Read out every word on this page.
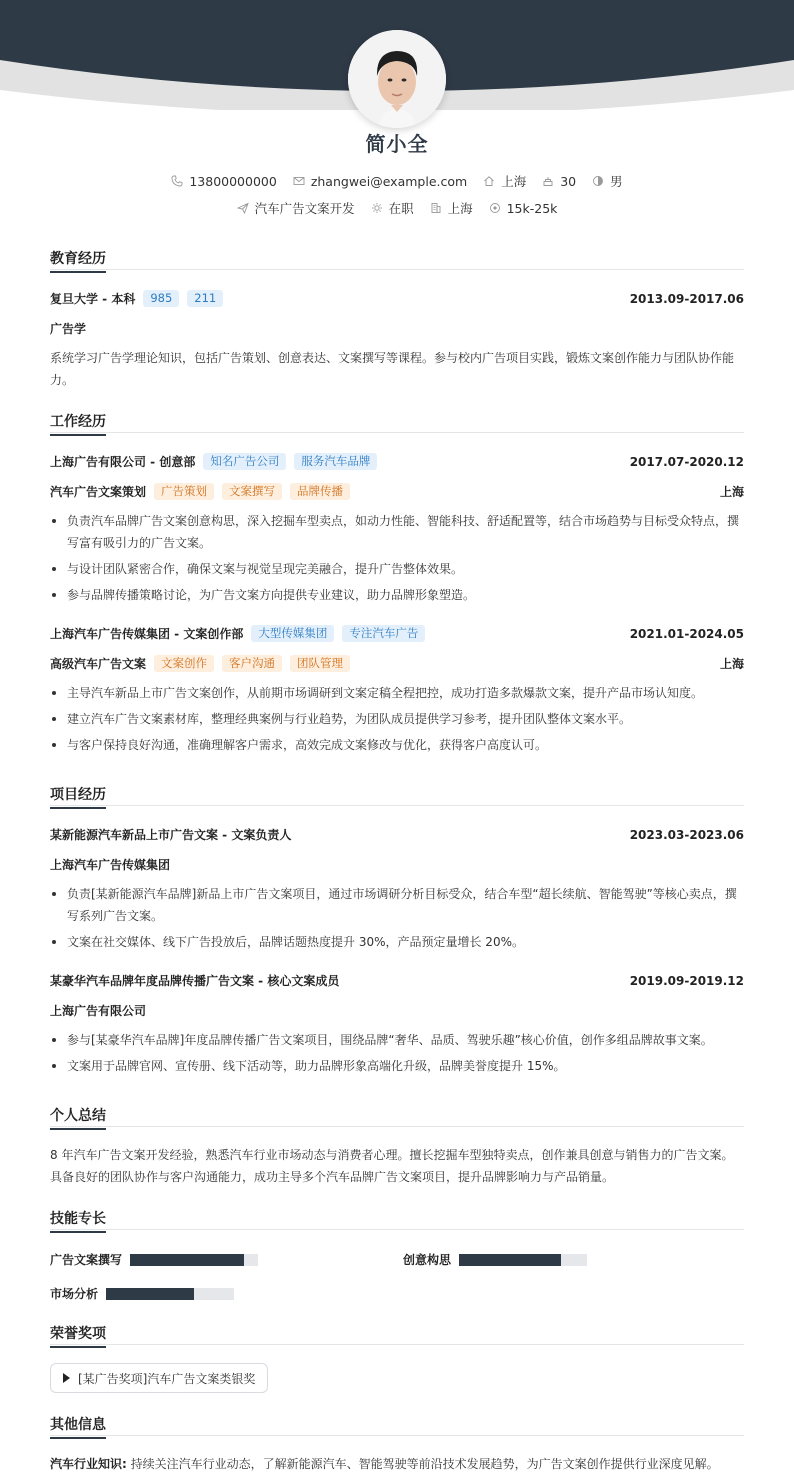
简小全
13800000000	zhangwei@example.com	上海	30	男
汽车广告文案开发	在职	上海	15k-25k
教育经历
复旦大学 - 本科	985	211	2013.09-2017.06
广告学
系统学习广告学理论知识，包括广告策划、创意表达、文案撰写等课程。参与校内广告项目实践，锻炼文案创作能力与团队协作能力。
工作经历
上海广告有限公司 - 创意部	知名广告公司	服务汽车品牌	2017.07-2020.12
汽车广告文案策划	广告策划	文案撰写	品牌传播	上海
负责汽车品牌广告文案创意构思，深入挖掘车型卖点，如动力性能、智能科技、舒适配置等，结合市场趋势与目标受众特点，撰写富有吸引力的广告文案。
与设计团队紧密合作，确保文案与视觉呈现完美融合，提升广告整体效果。
参与品牌传播策略讨论，为广告文案方向提供专业建议，助力品牌形象塑造。
上海汽车广告传媒集团 - 文案创作部	大型传媒集团	专注汽车广告	2021.01-2024.05
高级汽车广告文案	文案创作	客户沟通	团队管理	上海
主导汽车新品上市广告文案创作，从前期市场调研到文案定稿全程把控，成功打造多款爆款文案，提升产品市场认知度。
建立汽车广告文案素材库，整理经典案例与行业趋势，为团队成员提供学习参考，提升团队整体文案水平。
与客户保持良好沟通，准确理解客户需求，高效完成文案修改与优化，获得客户高度认可。
项目经历
某新能源汽车新品上市广告文案 - 文案负责人	2023.03-2023.06
上海汽车广告传媒集团
负责[某新能源汽车品牌]新品上市广告文案项目，通过市场调研分析目标受众，结合车型“超长续航、智能驾驶”等核心卖点，撰写系列广告文案。
文案在社交媒体、线下广告投放后，品牌话题热度提升 30%，产品预定量增长 20%。
某豪华汽车品牌年度品牌传播广告文案 - 核心文案成员	2019.09-2019.12
上海广告有限公司
参与[某豪华汽车品牌]年度品牌传播广告文案项目，围绕品牌“奢华、品质、驾驶乐趣”核心价值，创作多组品牌故事文案。
文案用于品牌官网、宣传册、线下活动等，助力品牌形象高端化升级，品牌美誉度提升 15%。
个人总结
8 年汽车广告文案开发经验，熟悉汽车行业市场动态与消费者心理。擅长挖掘车型独特卖点，创作兼具创意与销售力的广告文案。具备良好的团队协作与客户沟通能力，成功主导多个汽车品牌广告文案项目，提升品牌影响力与产品销量。
技能专长
广告文案撰写	创意构思
市场分析
荣誉奖项
[某广告奖项]汽车广告文案类银奖
其他信息
汽车行业知识: 持续关注汽车行业动态，了解新能源汽车、智能驾驶等前沿技术发展趋势，为广告文案创作提供行业深度见解。
